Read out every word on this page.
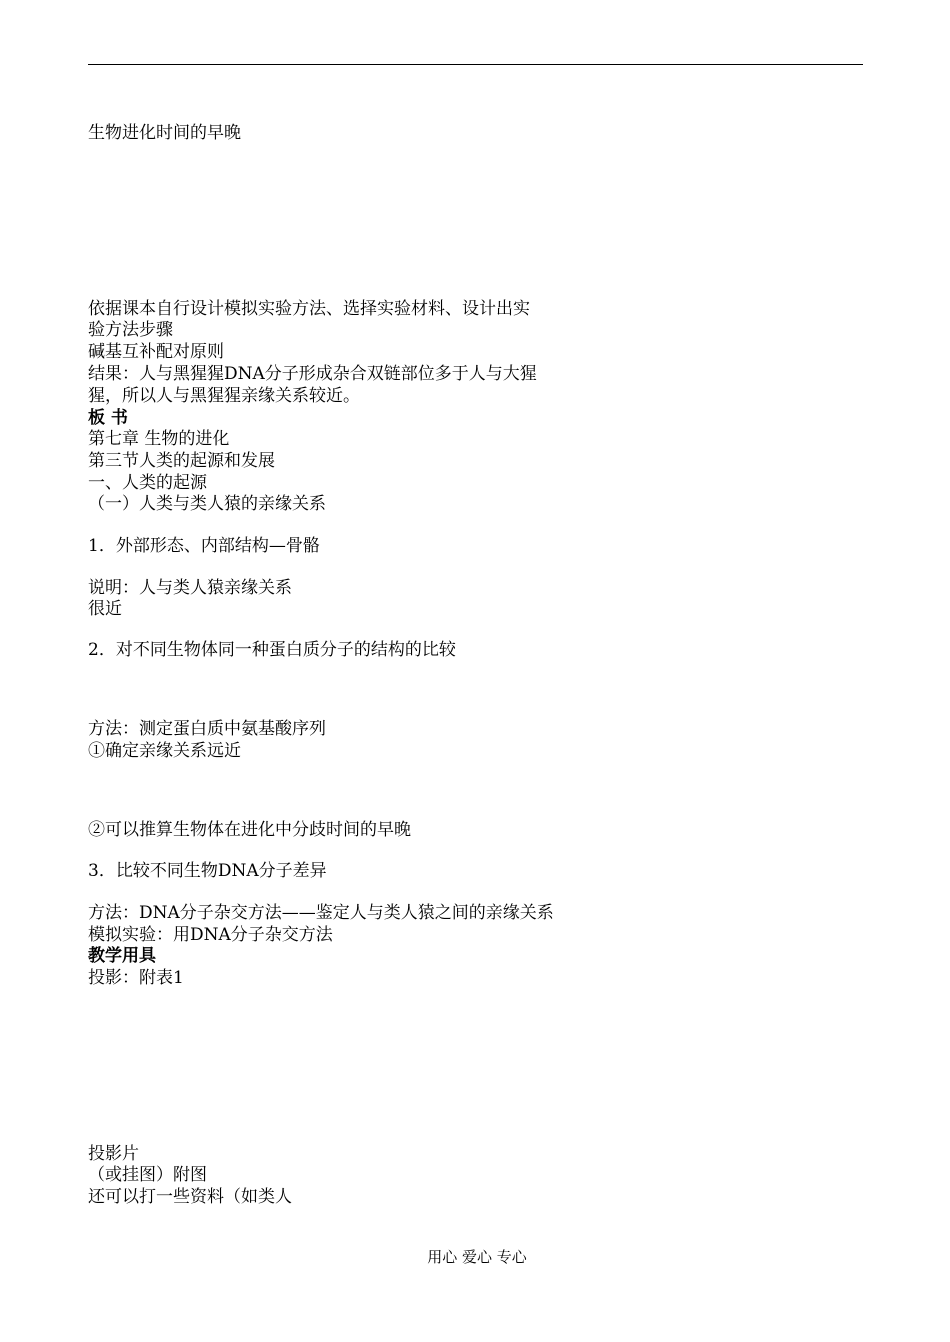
生物进化时间的早晚
依据课本自行设计模拟实验方法、选择实验材料、设计出实
验方法步骤
碱基互补配对原则
结果：人与黑猩猩DNA分子形成杂合双链部位多于人与大猩
猩，所以人与黑猩猩亲缘关系较近。
板 书
第七章 生物的进化
第三节人类的起源和发展
一、人类的起源
（一）人类与类人猿的亲缘关系
1．外部形态、内部结构—骨骼
说明：人与类人猿亲缘关系
很近
2．对不同生物体同一种蛋白质分子的结构的比较
方法：测定蛋白质中氨基酸序列
①确定亲缘关系远近
②可以推算生物体在进化中分歧时间的早晚
3．比较不同生物DNA分子差异
方法：DNA分子杂交方法——鉴定人与类人猿之间的亲缘关系
模拟实验：用DNA分子杂交方法
教学用具
投影：附表1
投影片
（或挂图）附图
还可以打一些资料（如类人
用心 爱心 专心
